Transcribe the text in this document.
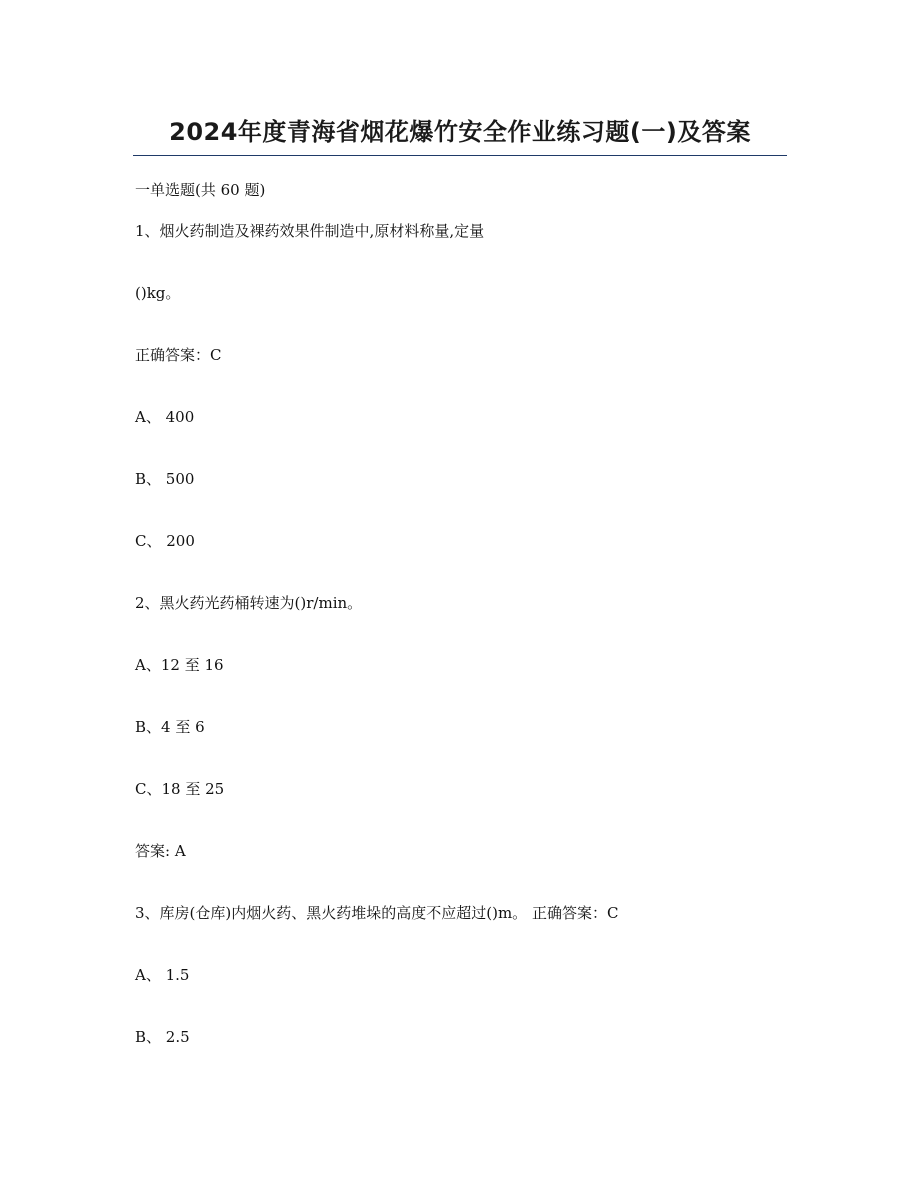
2024年度青海省烟花爆竹安全作业练习题(一)及答案
一单选题(共 60 题)
1、烟火药制造及裸药效果件制造中,原材料称量,定量
()kg。
正确答案：C
A、 400
B、 500
C、 200
2、黑火药光药桶转速为()r/min。
A、12 至 16
B、4 至 6
C、18 至 25
答案: A
3、库房(仓库)内烟火药、黑火药堆垛的高度不应超过()m。 正确答案：C
A、 1.5
B、 2.5
